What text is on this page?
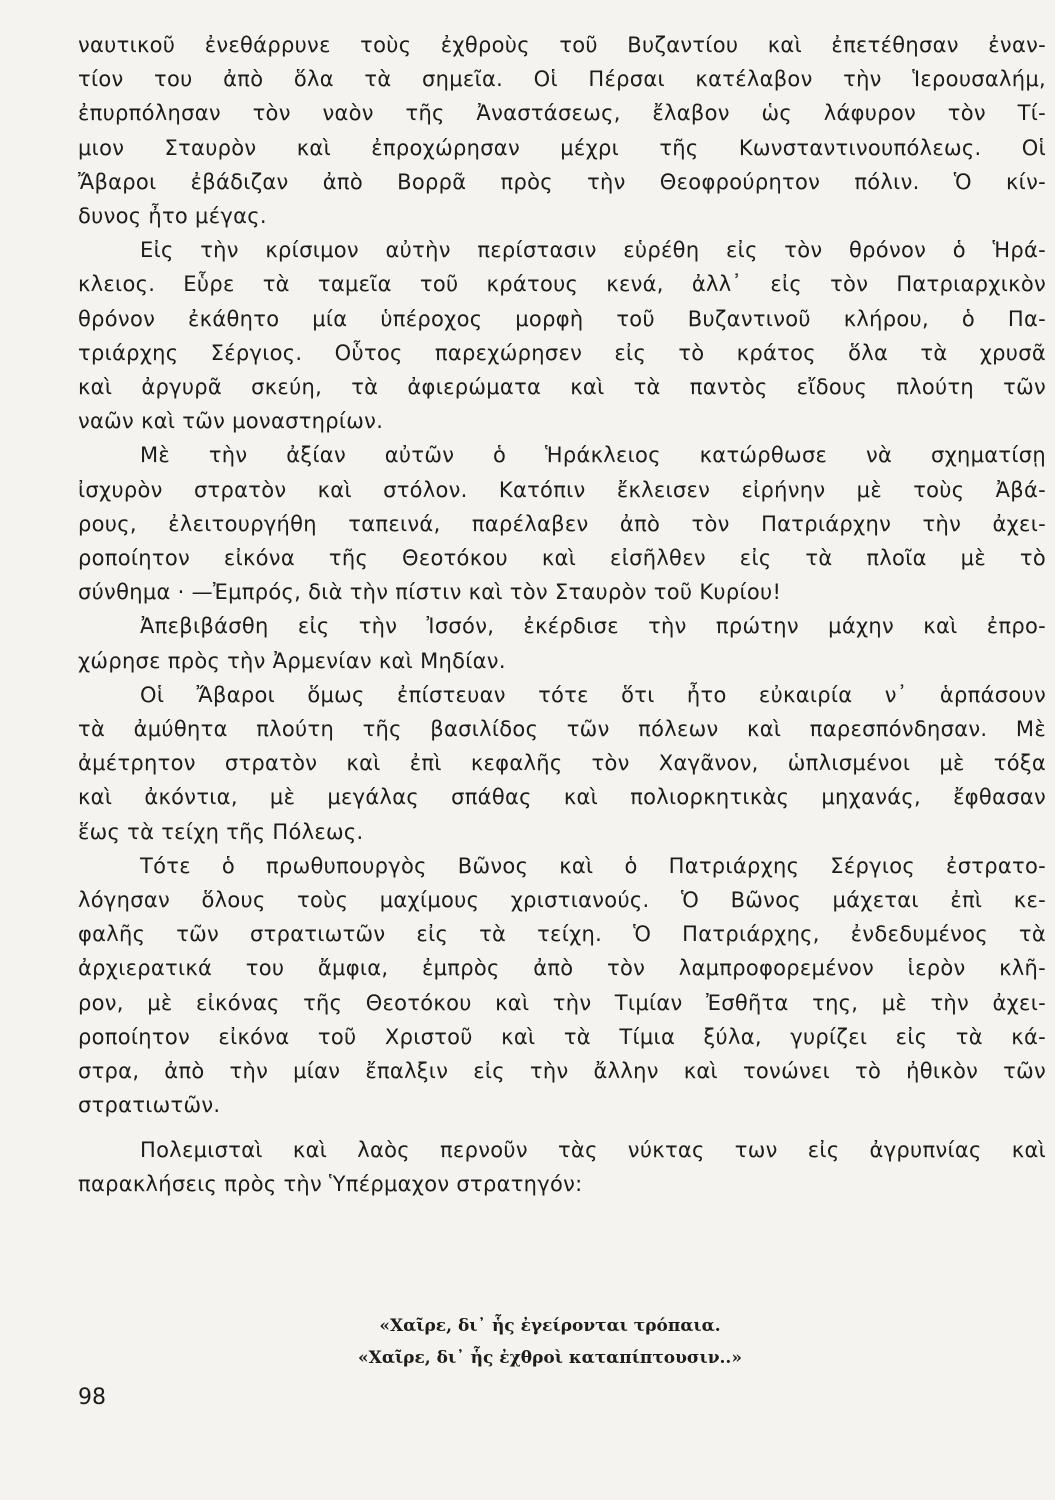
ναυτικοῦ ἐνεθάρρυνε τοὺς ἐχθροὺς τοῦ Βυζαντίου καὶ ἐπετέθησαν ἐναν-
τίον του ἀπὸ ὅλα τὰ σημεῖα. Οἱ Πέρσαι κατέλαβον τὴν Ἱερουσαλήμ,
ἐπυρπόλησαν τὸν ναὸν τῆς Ἀναστάσεως, ἔλαβον ὡς λάφυρον τὸν Τί-
μιον Σταυρὸν καὶ ἐπροχώρησαν μέχρι τῆς Κωνσταντινουπόλεως. Οἱ
Ἄβαροι ἐβάδιζαν ἀπὸ Βορρᾶ πρὸς τὴν Θεοφρούρητον πόλιν. Ὁ κίν-
δυνος ἦτο μέγας.
Εἰς τὴν κρίσιμον αὐτὴν περίστασιν εὑρέθη εἰς τὸν θρόνον ὁ Ἡρά-
κλειος. Εὗρε τὰ ταμεῖα τοῦ κράτους κενά, ἀλλ᾽ εἰς τὸν Πατριαρχικὸν
θρόνον ἐκάθητο μία ὑπέροχος μορφὴ τοῦ Βυζαντινοῦ κλήρου, ὁ Πα-
τριάρχης Σέργιος. Οὗτος παρεχώρησεν εἰς τὸ κράτος ὅλα τὰ χρυσᾶ
καὶ ἀργυρᾶ σκεύη, τὰ ἀφιερώματα καὶ τὰ παντὸς εἴδους πλούτη τῶν
ναῶν καὶ τῶν μοναστηρίων.
Μὲ τὴν ἀξίαν αὐτῶν ὁ Ἡράκλειος κατώρθωσε νὰ σχηματίσῃ
ἰσχυρὸν στρατὸν καὶ στόλον. Κατόπιν ἔκλεισεν εἰρήνην μὲ τοὺς Ἀβά-
ρους, ἐλειτουργήθη ταπεινά, παρέλαβεν ἀπὸ τὸν Πατριάρχην τὴν ἀχει-
ροποίητον εἰκόνα τῆς Θεοτόκου καὶ εἰσῆλθεν εἰς τὰ πλοῖα μὲ τὸ
σύνθημα · —Ἐμπρός, διὰ τὴν πίστιν καὶ τὸν Σταυρὸν τοῦ Κυρίου!
Ἀπεβιβάσθη εἰς τὴν Ἰσσόν, ἐκέρδισε τὴν πρώτην μάχην καὶ ἐπρο-
χώρησε πρὸς τὴν Ἀρμενίαν καὶ Μηδίαν.
Οἱ Ἄβαροι ὅμως ἐπίστευαν τότε ὅτι ἦτο εὐκαιρία ν᾽ ἁρπάσουν
τὰ ἀμύθητα πλούτη τῆς βασιλίδος τῶν πόλεων καὶ παρεσπόνδησαν. Μὲ
ἀμέτρητον στρατὸν καὶ ἐπὶ κεφαλῆς τὸν Χαγᾶνον, ὡπλισμένοι μὲ τόξα
καὶ ἀκόντια, μὲ μεγάλας σπάθας καὶ πολιορκητικὰς μηχανάς, ἔφθασαν
ἕως τὰ τείχη τῆς Πόλεως.
Τότε ὁ πρωθυπουργὸς Βῶνος καὶ ὁ Πατριάρχης Σέργιος ἐστρατο-
λόγησαν ὅλους τοὺς μαχίμους χριστιανούς. Ὁ Βῶνος μάχεται ἐπὶ κε-
φαλῆς τῶν στρατιωτῶν εἰς τὰ τείχη. Ὁ Πατριάρχης, ἐνδεδυμένος τὰ
ἀρχιερατικά του ἄμφια, ἐμπρὸς ἀπὸ τὸν λαμπροφορεμένον ἱερὸν κλῆ-
ρον, μὲ εἰκόνας τῆς Θεοτόκου καὶ τὴν Τιμίαν Ἐσθῆτα της, μὲ τὴν ἀχει-
ροποίητον εἰκόνα τοῦ Χριστοῦ καὶ τὰ Τίμια ξύλα, γυρίζει εἰς τὰ κά-
στρα, ἀπὸ τὴν μίαν ἔπαλξιν εἰς τὴν ἄλλην καὶ τονώνει τὸ ἠθικὸν τῶν
στρατιωτῶν.
Πολεμισταὶ καὶ λαὸς περνοῦν τὰς νύκτας των εἰς ἀγρυπνίας καὶ
παρακλήσεις πρὸς τὴν Ὑπέρμαχον στρατηγόν:
«Χαῖρε, δι᾽ ἧς ἐγείρονται τρόπαια.
«Χαῖρε, δι᾽ ἧς ἐχθροὶ καταπίπτουσιν..»
98
